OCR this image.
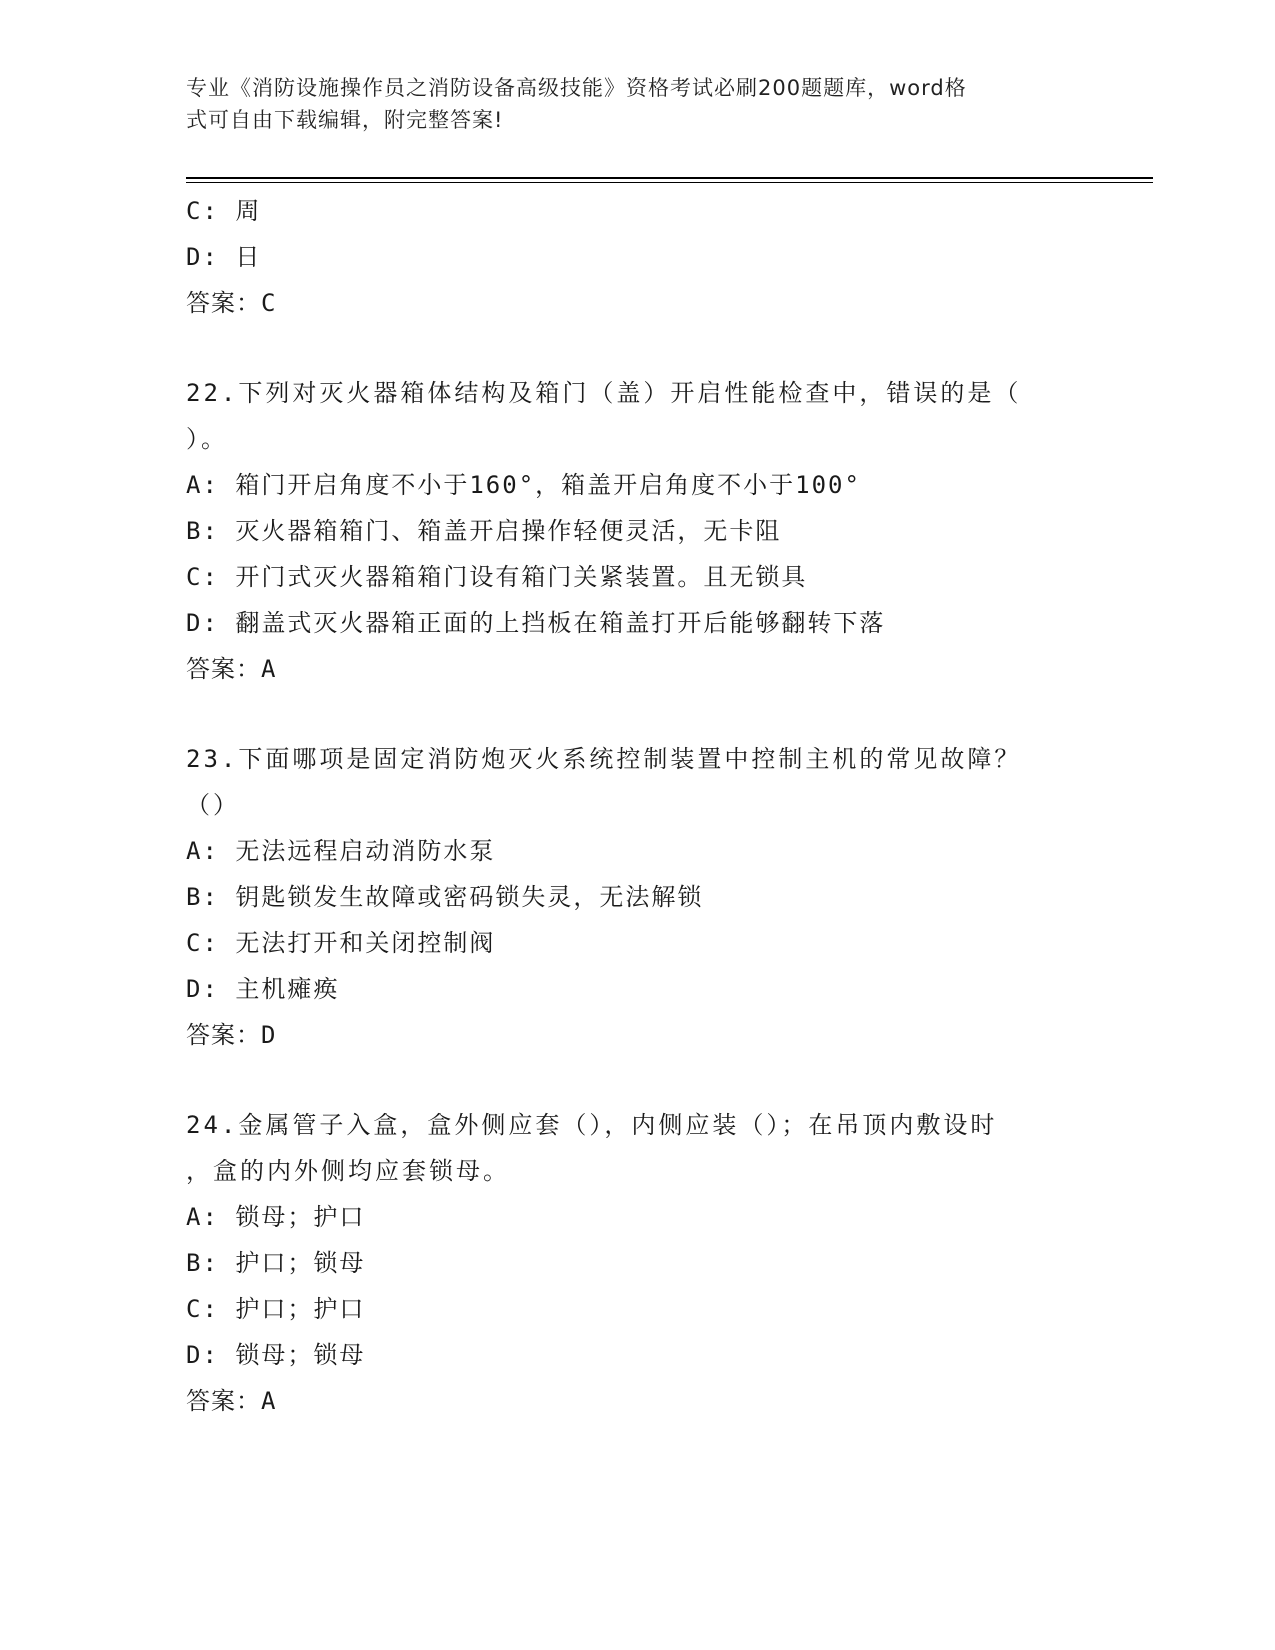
专业《消防设施操作员之消防设备高级技能》资格考试必刷200题题库，word格
式可自由下载编辑，附完整答案!
C: 周
D: 日
答案：C
22.下列对灭火器箱体结构及箱门（盖）开启性能检查中，错误的是（
）。
A: 箱门开启角度不小于160°，箱盖开启角度不小于100°
B: 灭火器箱箱门、箱盖开启操作轻便灵活，无卡阻
C: 开门式灭火器箱箱门设有箱门关紧装置。且无锁具
D: 翻盖式灭火器箱正面的上挡板在箱盖打开后能够翻转下落
答案：A
23.下面哪项是固定消防炮灭火系统控制装置中控制主机的常见故障？
（）
A: 无法远程启动消防水泵
B: 钥匙锁发生故障或密码锁失灵，无法解锁
C: 无法打开和关闭控制阀
D: 主机瘫痪
答案：D
24.金属管子入盒，盒外侧应套（），内侧应装（）；在吊顶内敷设时
，盒的内外侧均应套锁母。
A: 锁母；护口
B: 护口；锁母
C: 护口；护口
D: 锁母；锁母
答案：A
